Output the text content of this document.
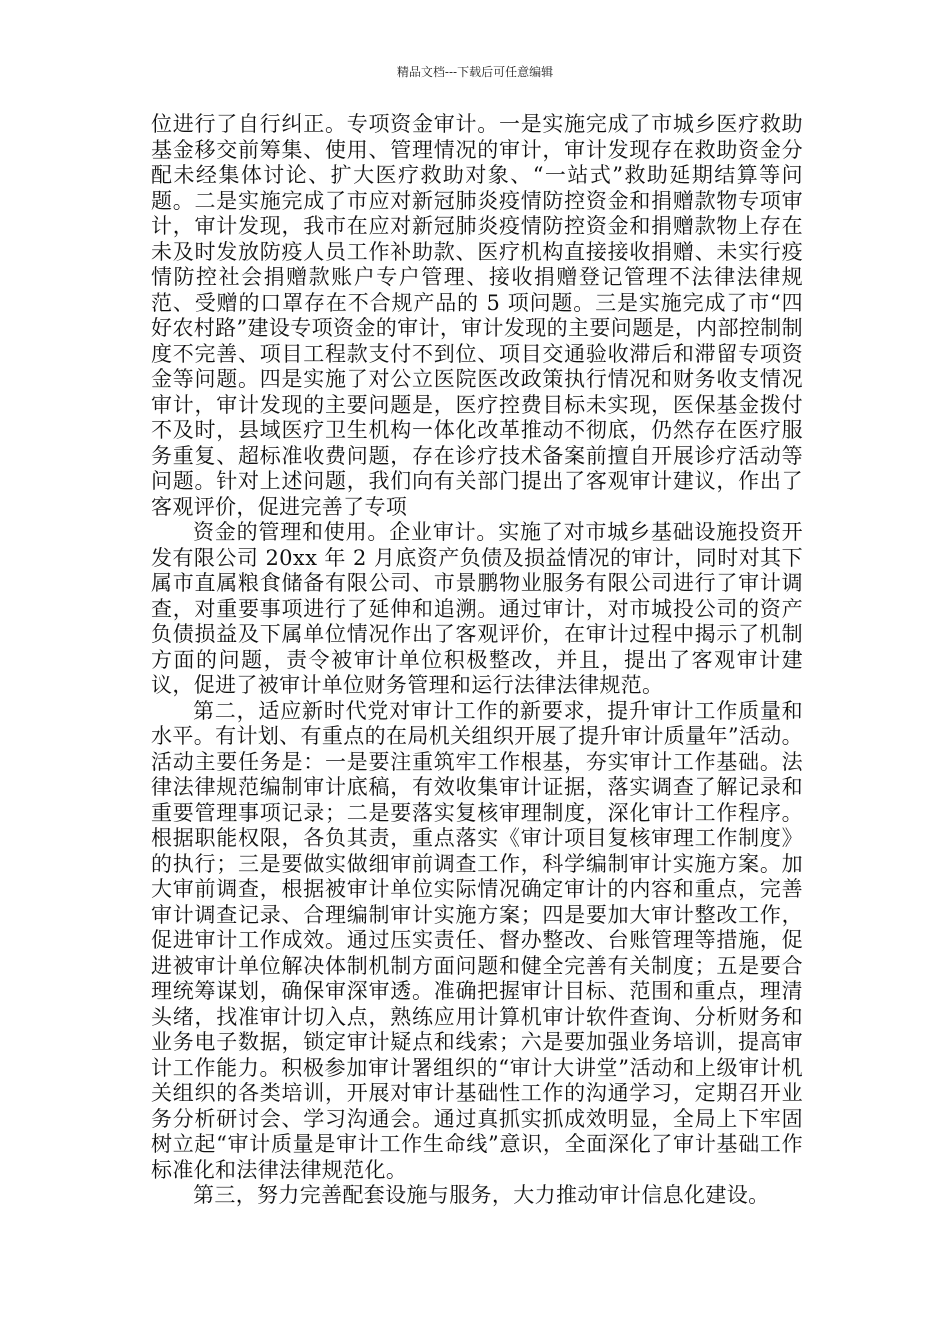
精品文档---下载后可任意编辑

位进行了自行纠正。专项资金审计。一是实施完成了市城乡医疗救助基金移交前筹集、使用、管理情况的审计，审计发现存在救助资金分配未经集体讨论、扩大医疗救助对象、“一站式”救助延期结算等问题。二是实施完成了市应对新冠肺炎疫情防控资金和捐赠款物专项审计，审计发现，我市在应对新冠肺炎疫情防控资金和捐赠款物上存在未及时发放防疫人员工作补助款、医疗机构直接接收捐赠、未实行疫情防控社会捐赠款账户专户管理、接收捐赠登记管理不法律法律规范、受赠的口罩存在不合规产品的 5 项问题。三是实施完成了市“四好农村路”建设专项资金的审计，审计发现的主要问题是，内部控制制度不完善、项目工程款支付不到位、项目交通验收滞后和滞留专项资金等问题。四是实施了对公立医院医改政策执行情况和财务收支情况审计，审计发现的主要问题是，医疗控费目标未实现，医保基金拨付不及时，县域医疗卫生机构一体化改革推动不彻底，仍然存在医疗服务重复、超标准收费问题，存在诊疗技术备案前擅自开展诊疗活动等问题。针对上述问题，我们向有关部门提出了客观审计建议，作出了客观评价，促进完善了专项

资金的管理和使用。企业审计。实施了对市城乡基础设施投资开发有限公司 20xx 年 2 月底资产负债及损益情况的审计，同时对其下属市直属粮食储备有限公司、市景鹏物业服务有限公司进行了审计调查，对重要事项进行了延伸和追溯。通过审计，对市城投公司的资产负债损益及下属单位情况作出了客观评价，在审计过程中揭示了机制方面的问题，责令被审计单位积极整改，并且，提出了客观审计建议，促进了被审计单位财务管理和运行法律法律规范。

第二，适应新时代党对审计工作的新要求，提升审计工作质量和水平。有计划、有重点的在局机关组织开展了提升审计质量年”活动。活动主要任务是：一是要注重筑牢工作根基，夯实审计工作基础。法律法律规范编制审计底稿，有效收集审计证据，落实调查了解记录和重要管理事项记录；二是要落实复核审理制度，深化审计工作程序。根据职能权限，各负其责，重点落实《审计项目复核审理工作制度》的执行；三是要做实做细审前调查工作，科学编制审计实施方案。加大审前调查，根据被审计单位实际情况确定审计的内容和重点，完善审计调查记录、合理编制审计实施方案；四是要加大审计整改工作，促进审计工作成效。通过压实责任、督办整改、台账管理等措施，促进被审计单位解决体制机制方面问题和健全完善有关制度；五是要合理统筹谋划，确保审深审透。准确把握审计目标、范围和重点，理清头绪，找准审计切入点，熟练应用计算机审计软件查询、分析财务和业务电子数据，锁定审计疑点和线索；六是要加强业务培训，提高审计工作能力。积极参加审计署组织的“审计大讲堂”活动和上级审计机关组织的各类培训，开展对审计基础性工作的沟通学习，定期召开业务分析研讨会、学习沟通会。通过真抓实抓成效明显，全局上下牢固树立起“审计质量是审计工作生命线”意识，全面深化了审计基础工作标准化和法律法律规范化。

第三，努力完善配套设施与服务，大力推动审计信息化建设。
